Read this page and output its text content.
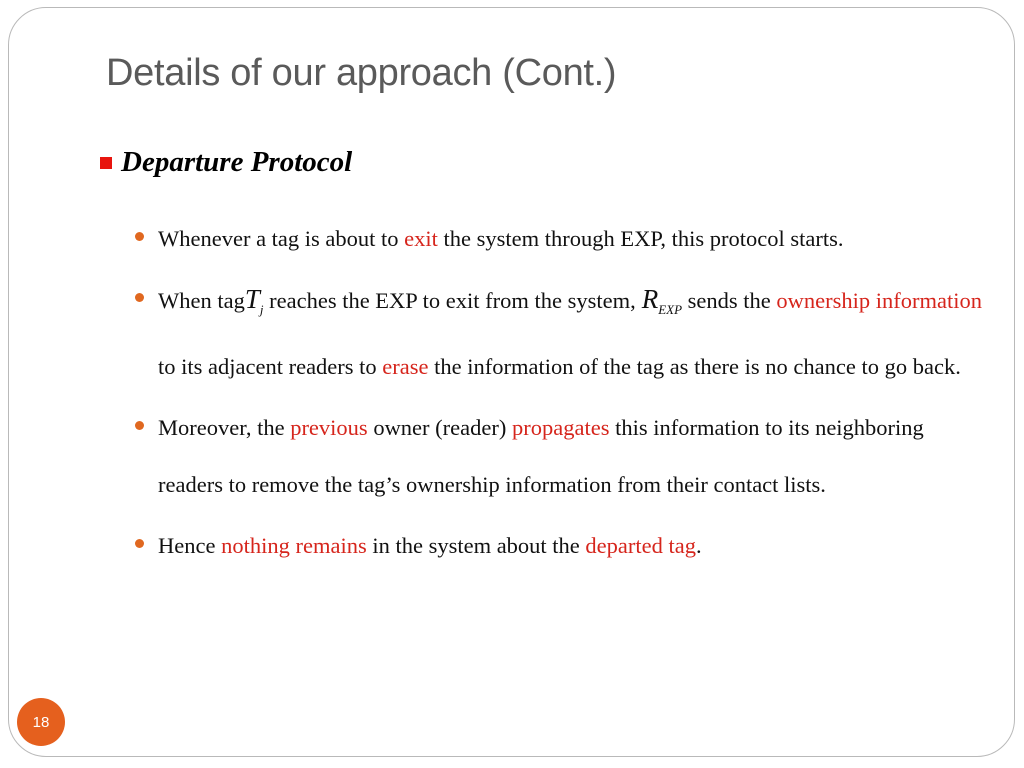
Details of our approach (Cont.)
Departure Protocol
Whenever a tag is about to exit the system through EXP, this protocol starts.
When tagT$_j$ reaches the EXP to exit from the system, $R_{EXP}$ sends the ownership information to its adjacent readers to erase the information of the tag as there is no chance to go back.
Moreover, the previous owner (reader) propagates this information to its neighboring readers to remove the tag’s ownership information from their contact lists.
Hence nothing remains in the system about the departed tag.
18
